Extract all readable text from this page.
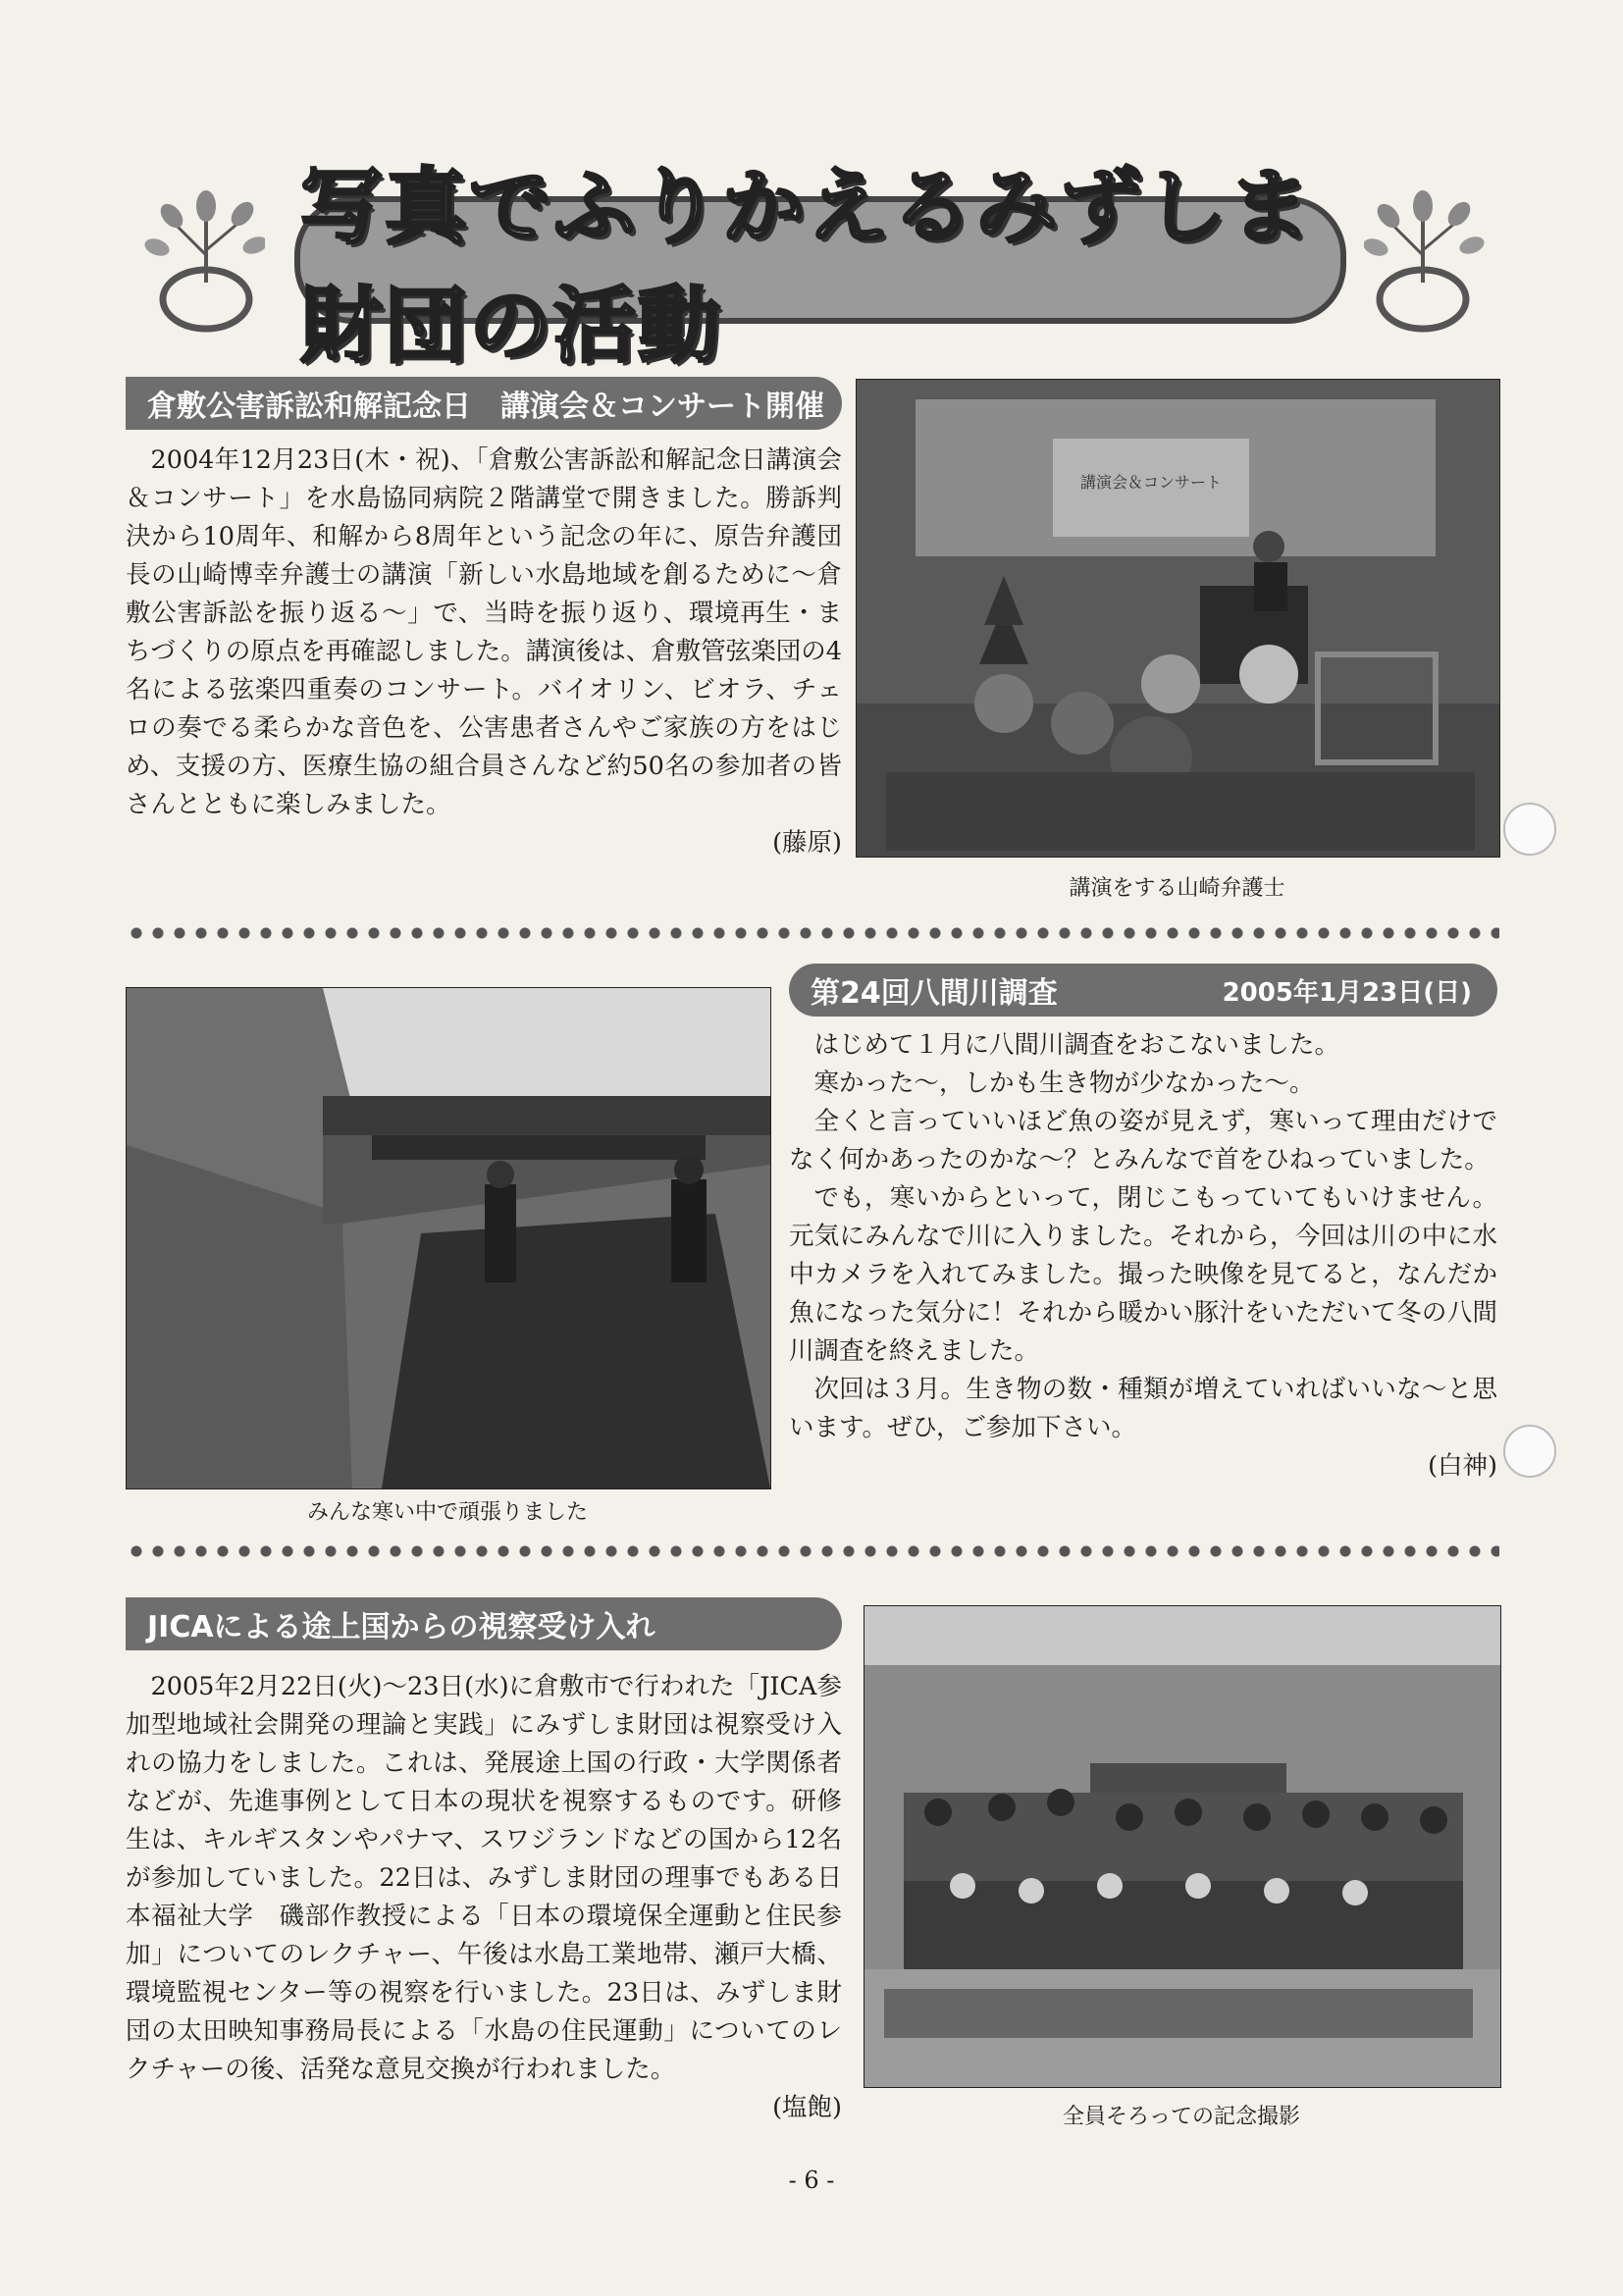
写真でふりかえるみずしま財団の活動
倉敷公害訴訟和解記念日　講演会＆コンサート開催

2004年12月23日(木・祝)、「倉敷公害訴訟和解記念日講演会＆コンサート」を水島協同病院２階講堂で開きました。勝訴判決から10周年、和解から8周年という記念の年に、原告弁護団長の山崎博幸弁護士の講演「新しい水島地域を創るために～倉敷公害訴訟を振り返る～」で、当時を振り返り、環境再生・まちづくりの原点を再確認しました。講演後は、倉敷管弦楽団の4名による弦楽四重奏のコンサート。バイオリン、ビオラ、チェロの奏でる柔らかな音色を、公害患者さんやご家族の方をはじめ、支援の方、医療生協の組合員さんなど約50名の参加者の皆さんとともに楽しみました。

(藤原)
講演会＆コンサート
講演をする山崎弁護士
みんな寒い中で頑張りました
第24回八間川調査	2005年1月23日(日)

はじめて１月に八間川調査をおこないました。

寒かった～，しかも生き物が少なかった～。

全くと言っていいほど魚の姿が見えず，寒いって理由だけでなく何かあったのかな～？とみんなで首をひねっていました。

でも，寒いからといって，閉じこもっていてもいけません。元気にみんなで川に入りました。それから，今回は川の中に水中カメラを入れてみました。撮った映像を見てると，なんだか魚になった気分に！それから暖かい豚汁をいただいて冬の八間川調査を終えました。

次回は３月。生き物の数・種類が増えていればいいな～と思います。ぜひ，ご参加下さい。

(白神)
JICAによる途上国からの視察受け入れ

2005年2月22日(火)～23日(水)に倉敷市で行われた「JICA参加型地域社会開発の理論と実践」にみずしま財団は視察受け入れの協力をしました。これは、発展途上国の行政・大学関係者などが、先進事例として日本の現状を視察するものです。研修生は、キルギスタンやパナマ、スワジランドなどの国から12名が参加していました。22日は、みずしま財団の理事でもある日本福祉大学　磯部作教授による「日本の環境保全運動と住民参加」についてのレクチャー、午後は水島工業地帯、瀬戸大橋、環境監視センター等の視察を行いました。23日は、みずしま財団の太田映知事務局長による「水島の住民運動」についてのレクチャーの後、活発な意見交換が行われました。

(塩飽)	全員そろっての記念撮影
- 6 -
